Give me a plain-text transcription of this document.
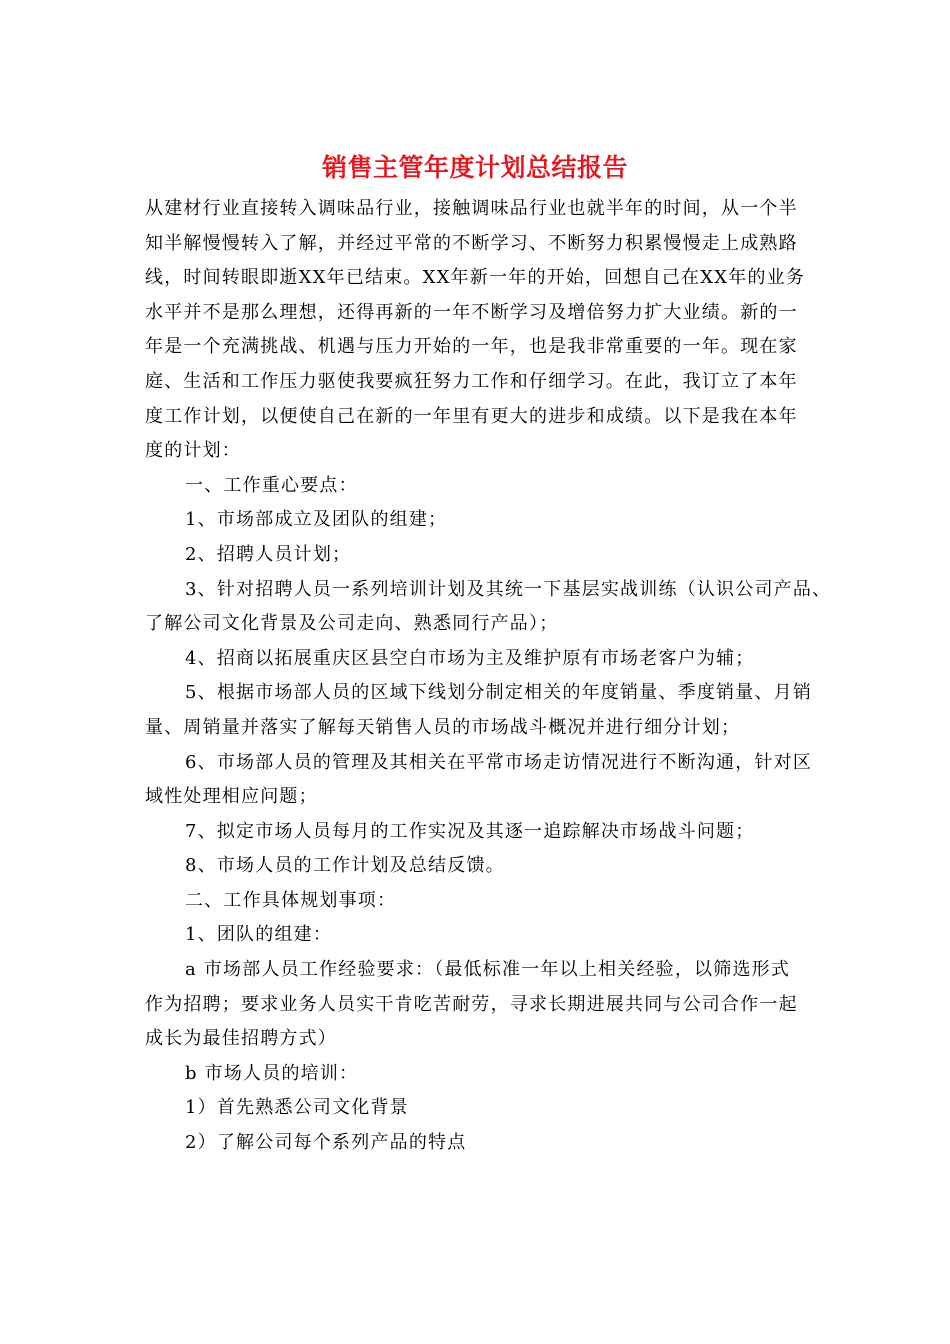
销售主管年度计划总结报告
从建材行业直接转入调味品行业，接触调味品行业也就半年的时间，从一个半
知半解慢慢转入了解，并经过平常的不断学习、不断努力积累慢慢走上成熟路
线，时间转眼即逝XX年已结束。XX年新一年的开始，回想自己在XX年的业务
水平并不是那么理想，还得再新的一年不断学习及增倍努力扩大业绩。新的一
年是一个充满挑战、机遇与压力开始的一年，也是我非常重要的一年。现在家
庭、生活和工作压力驱使我要疯狂努力工作和仔细学习。在此，我订立了本年
度工作计划，以便使自己在新的一年里有更大的进步和成绩。以下是我在本年
度的计划：
一、工作重心要点：
1、市场部成立及团队的组建；
2、招聘人员计划；
3、针对招聘人员一系列培训计划及其统一下基层实战训练（认识公司产品、
了解公司文化背景及公司走向、熟悉同行产品）；
4、招商以拓展重庆区县空白市场为主及维护原有市场老客户为辅；
5、根据市场部人员的区域下线划分制定相关的年度销量、季度销量、月销
量、周销量并落实了解每天销售人员的市场战斗概况并进行细分计划；
6、市场部人员的管理及其相关在平常市场走访情况进行不断沟通，针对区
域性处理相应问题；
7、拟定市场人员每月的工作实况及其逐一追踪解决市场战斗问题；
8、市场人员的工作计划及总结反馈。
二、工作具体规划事项：
1、团队的组建：
a 市场部人员工作经验要求：（最低标准一年以上相关经验，以筛选形式
作为招聘；要求业务人员实干肯吃苦耐劳，寻求长期进展共同与公司合作一起
成长为最佳招聘方式）
b 市场人员的培训：
1）首先熟悉公司文化背景
2）了解公司每个系列产品的特点
